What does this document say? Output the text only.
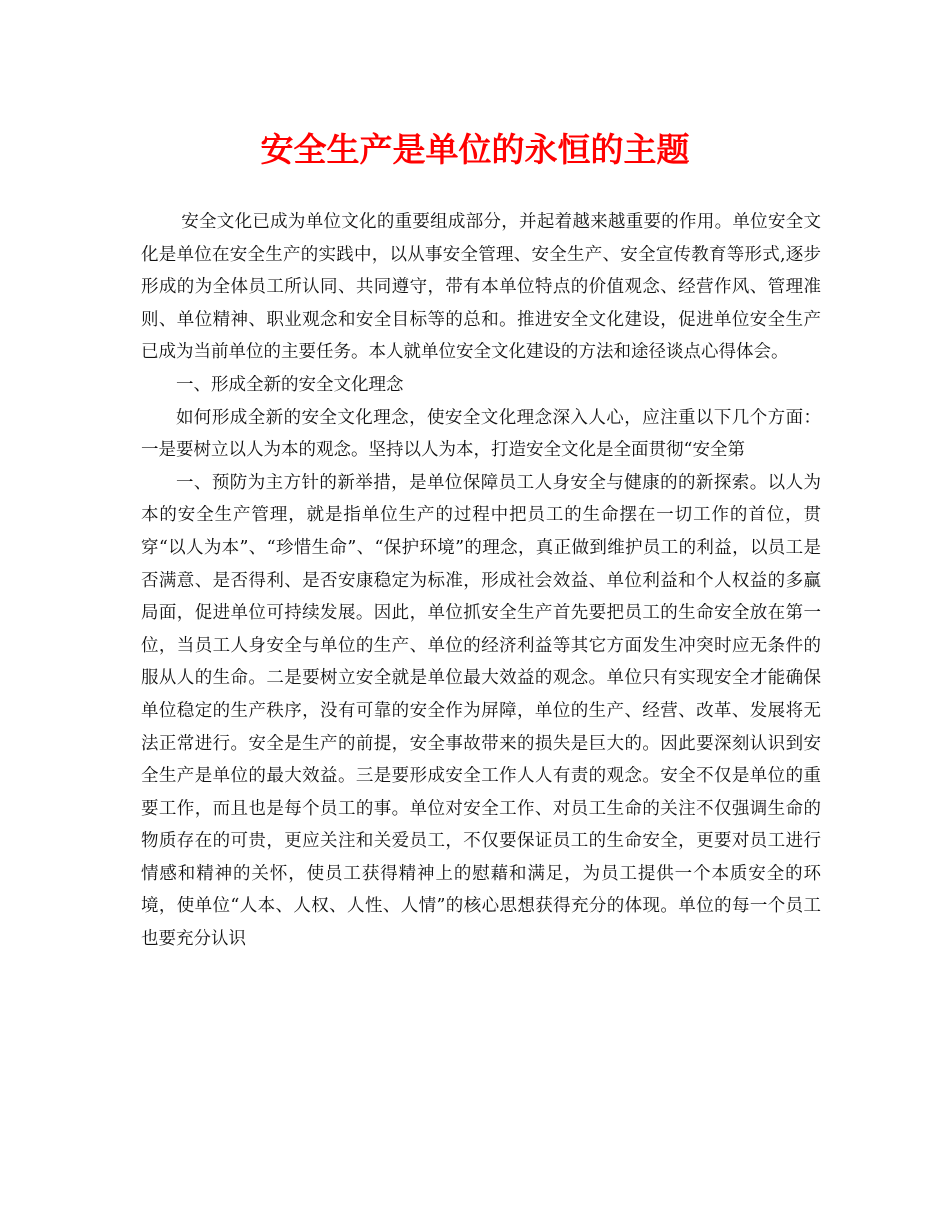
安全生产是单位的永恒的主题

安全文化已成为单位文化的重要组成部分，并起着越来越重要的作用。单位安全文化是单位在安全生产的实践中，以从事安全管理、安全生产、安全宣传教育等形式,逐步形成的为全体员工所认同、共同遵守，带有本单位特点的价值观念、经营作风、管理准则、单位精神、职业观念和安全目标等的总和。推进安全文化建设，促进单位安全生产已成为当前单位的主要任务。本人就单位安全文化建设的方法和途径谈点心得体会。

一、形成全新的安全文化理念

如何形成全新的安全文化理念，使安全文化理念深入人心，应注重以下几个方面：一是要树立以人为本的观念。坚持以人为本，打造安全文化是全面贯彻“安全第

一、预防为主方针的新举措，是单位保障员工人身安全与健康的的新探索。以人为本的安全生产管理，就是指单位生产的过程中把员工的生命摆在一切工作的首位，贯穿“以人为本”、“珍惜生命”、“保护环境”的理念，真正做到维护员工的利益，以员工是否满意、是否得利、是否安康稳定为标准，形成社会效益、单位利益和个人权益的多赢局面，促进单位可持续发展。因此，单位抓安全生产首先要把员工的生命安全放在第一位，当员工人身安全与单位的生产、单位的经济利益等其它方面发生冲突时应无条件的服从人的生命。二是要树立安全就是单位最大效益的观念。单位只有实现安全才能确保单位稳定的生产秩序，没有可靠的安全作为屏障，单位的生产、经营、改革、发展将无法正常进行。安全是生产的前提，安全事故带来的损失是巨大的。因此要深刻认识到安全生产是单位的最大效益。三是要形成安全工作人人有责的观念。安全不仅是单位的重要工作，而且也是每个员工的事。单位对安全工作、对员工生命的关注不仅强调生命的物质存在的可贵，更应关注和关爱员工，不仅要保证员工的生命安全，更要对员工进行情感和精神的关怀，使员工获得精神上的慰藉和满足，为员工提供一个本质安全的环境，使单位“人本、人权、人性、人情”的核心思想获得充分的体现。单位的每一个员工也要充分认识
